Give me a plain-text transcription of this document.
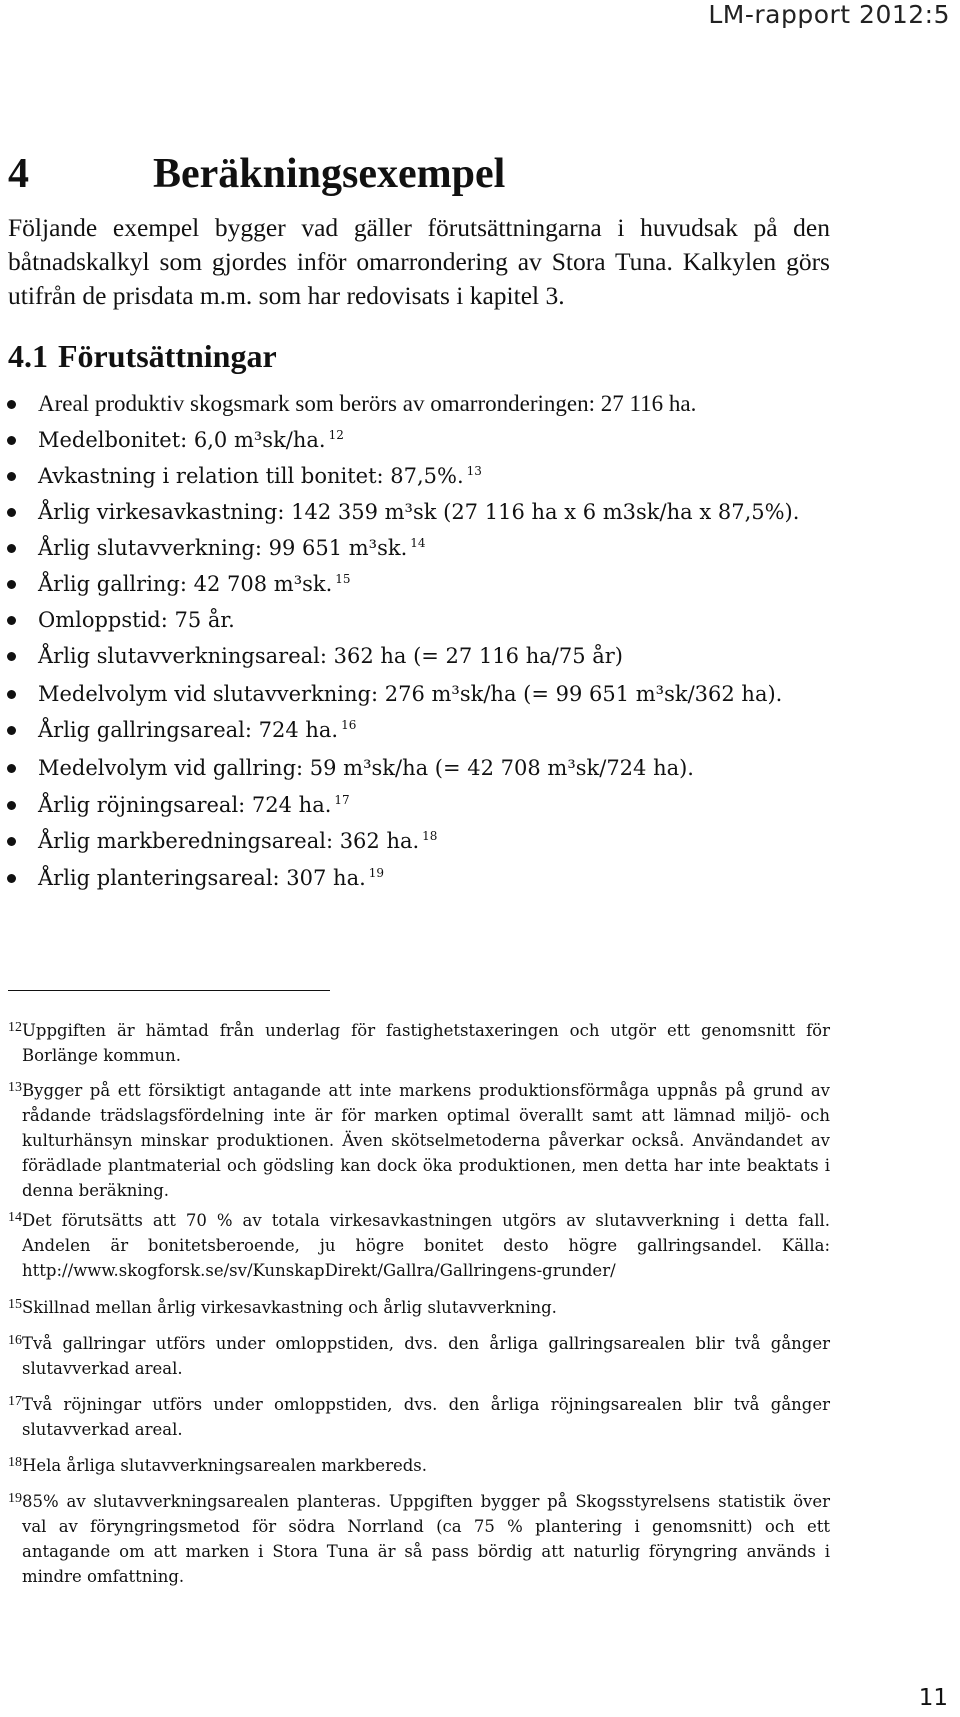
LM-rapport 2012:5
4	Beräkningsexempel

Följande exempel bygger vad gäller förutsättningarna i huvudsak på den båtnadskalkyl som gjordes inför omarrondering av Stora Tuna. Kalkylen görs utifrån de prisdata m.m. som har redovisats i kapitel 3.

4.1 Förutsättningar
Areal produktiv skogsmark som berörs av omarronderingen: 27 116 ha.
Medelbonitet: 6,0 m³sk/ha. $^{12}$
Avkastning i relation till bonitet: 87,5%. $^{13}$
Årlig virkesavkastning: 142 359 m³sk (27 116 ha x 6 m3sk/ha x 87,5%).
Årlig slutavverkning: 99 651 m³sk. $^{14}$
Årlig gallring: 42 708 m³sk. $^{15}$
Omloppstid: 75 år.
Årlig slutavverkningsareal: 362 ha (= 27 116 ha/75 år)
Medelvolym vid slutavverkning: 276 m³sk/ha (= 99 651 m³sk/362 ha).
Årlig gallringsareal: 724 ha. $^{16}$
Medelvolym vid gallring: 59 m³sk/ha (= 42 708 m³sk/724 ha).
Årlig röjningsareal: 724 ha. $^{17}$
Årlig markberedningsareal: 362 ha. $^{18}$
Årlig planteringsareal: 307 ha. $^{19}$
12 Uppgiften är hämtad från underlag för fastighetstaxeringen och utgör ett genomsnitt för Borlänge kommun.
13 Bygger på ett försiktigt antagande att inte markens produktionsförmåga uppnås på grund av rådande trädslagsfördelning inte är för marken optimal överallt samt att lämnad miljö- och kulturhänsyn minskar produktionen. Även skötselmetoderna påverkar också. Användandet av förädlade plantmaterial och gödsling kan dock öka produktionen, men detta har inte beaktats i denna beräkning.
14 Det förutsätts att 70 % av totala virkesavkastningen utgörs av slutavverkning i detta fall. Andelen är bonitetsberoende, ju högre bonitet desto högre gallringsandel. Källa: http://www.skogforsk.se/sv/KunskapDirekt/Gallra/Gallringens-grunder/
15 Skillnad mellan årlig virkesavkastning och årlig slutavverkning.
16 Två gallringar utförs under omloppstiden, dvs. den årliga gallringsarealen blir två gånger slutavverkad areal.
17 Två röjningar utförs under omloppstiden, dvs. den årliga röjningsarealen blir två gånger slutavverkad areal.
18 Hela årliga slutavverkningsarealen markbereds.
19 85% av slutavverkningsarealen planteras. Uppgiften bygger på Skogsstyrelsens statistik över val av föryngringsmetod för södra Norrland (ca 75 % plantering i genomsnitt) och ett antagande om att marken i Stora Tuna är så pass bördig att naturlig föryngring används i mindre omfattning.
11
